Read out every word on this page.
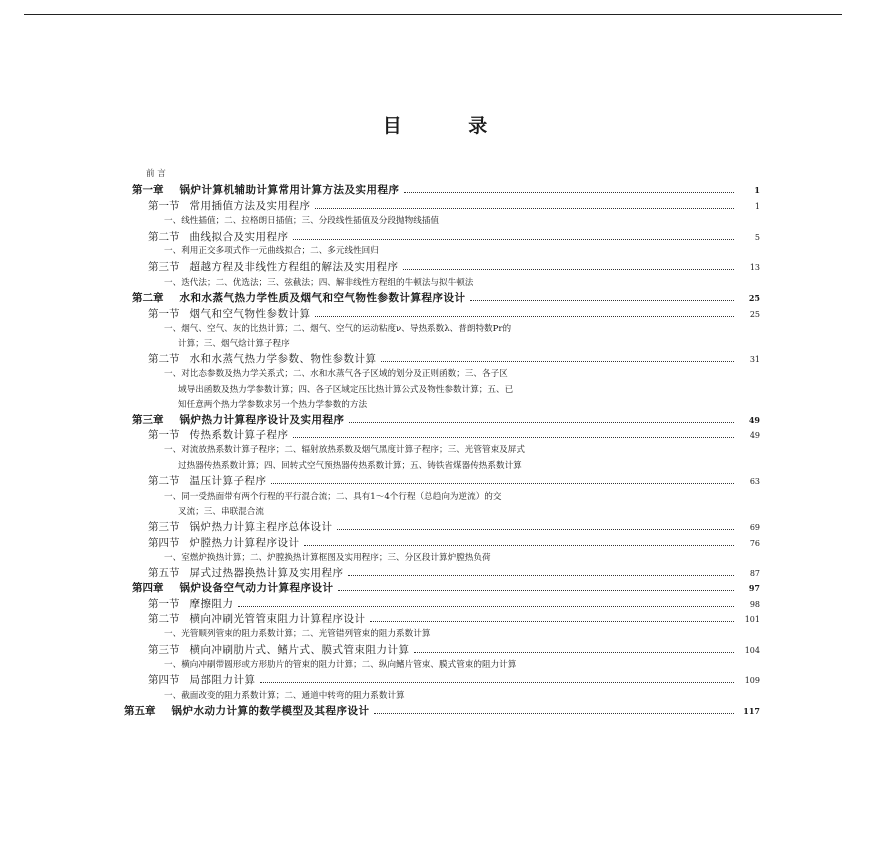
目 录
前 言
第一章	锅炉计算机辅助计算常用计算方法及实用程序	1
第一节 常用插值方法及实用程序	1
一、线性插值；二、拉格朗日插值；三、分段线性插值及分段抛物线插值
第二节 曲线拟合及实用程序	5
一、利用正交多项式作一元曲线拟合；二、多元线性回归
第三节 超越方程及非线性方程组的解法及实用程序	13
一、迭代法；二、优选法；三、弦截法；四、解非线性方程组的牛顿法与拟牛顿法
第二章	水和水蒸气热力学性质及烟气和空气物性参数计算程序设计	25
第一节 烟气和空气物性参数计算	25
一、烟气、空气、灰的比热计算；二、烟气、空气的运动粘度ν、导热系数λ、普朗特数Pr的
计算；三、烟气焓计算子程序
第二节 水和水蒸气热力学参数、物性参数计算	31
一、对比态参数及热力学关系式；二、水和水蒸气各子区域的划分及正则函数；三、各子区
域导出函数及热力学参数计算；四、各子区域定压比热计算公式及物性参数计算；五、已
知任意两个热力学参数求另一个热力学参数的方法
第三章	锅炉热力计算程序设计及实用程序	49
第一节 传热系数计算子程序	49
一、对流放热系数计算子程序；二、辐射放热系数及烟气黑度计算子程序；三、光管管束及屏式
过热器传热系数计算；四、回转式空气预热器传热系数计算；五、铸铁省煤器传热系数计算
第二节 温压计算子程序	63
一、同一受热面带有两个行程的平行混合流；二、具有1～4个行程（总趋向为逆流）的交
叉流；三、串联混合流
第三节 锅炉热力计算主程序总体设计	69
第四节 炉膛热力计算程序设计	76
一、室燃炉换热计算；二、炉膛换热计算框图及实用程序；三、分区段计算炉膛热负荷
第五节 屏式过热器换热计算及实用程序	87
第四章	锅炉设备空气动力计算程序设计	97
第一节 摩擦阻力	98
第二节 横向冲刷光管管束阻力计算程序设计	101
一、光管顺列管束的阻力系数计算；二、光管错列管束的阻力系数计算
第三节 横向冲刷肋片式、鳍片式、膜式管束阻力计算	104
一、横向冲刷带圆形或方形肋片的管束的阻力计算；二、纵向鳍片管束、膜式管束的阻力计算
第四节 局部阻力计算	109
一、截面改变的阻力系数计算；二、通道中转弯的阻力系数计算
第五章	锅炉水动力计算的数学模型及其程序设计	117
